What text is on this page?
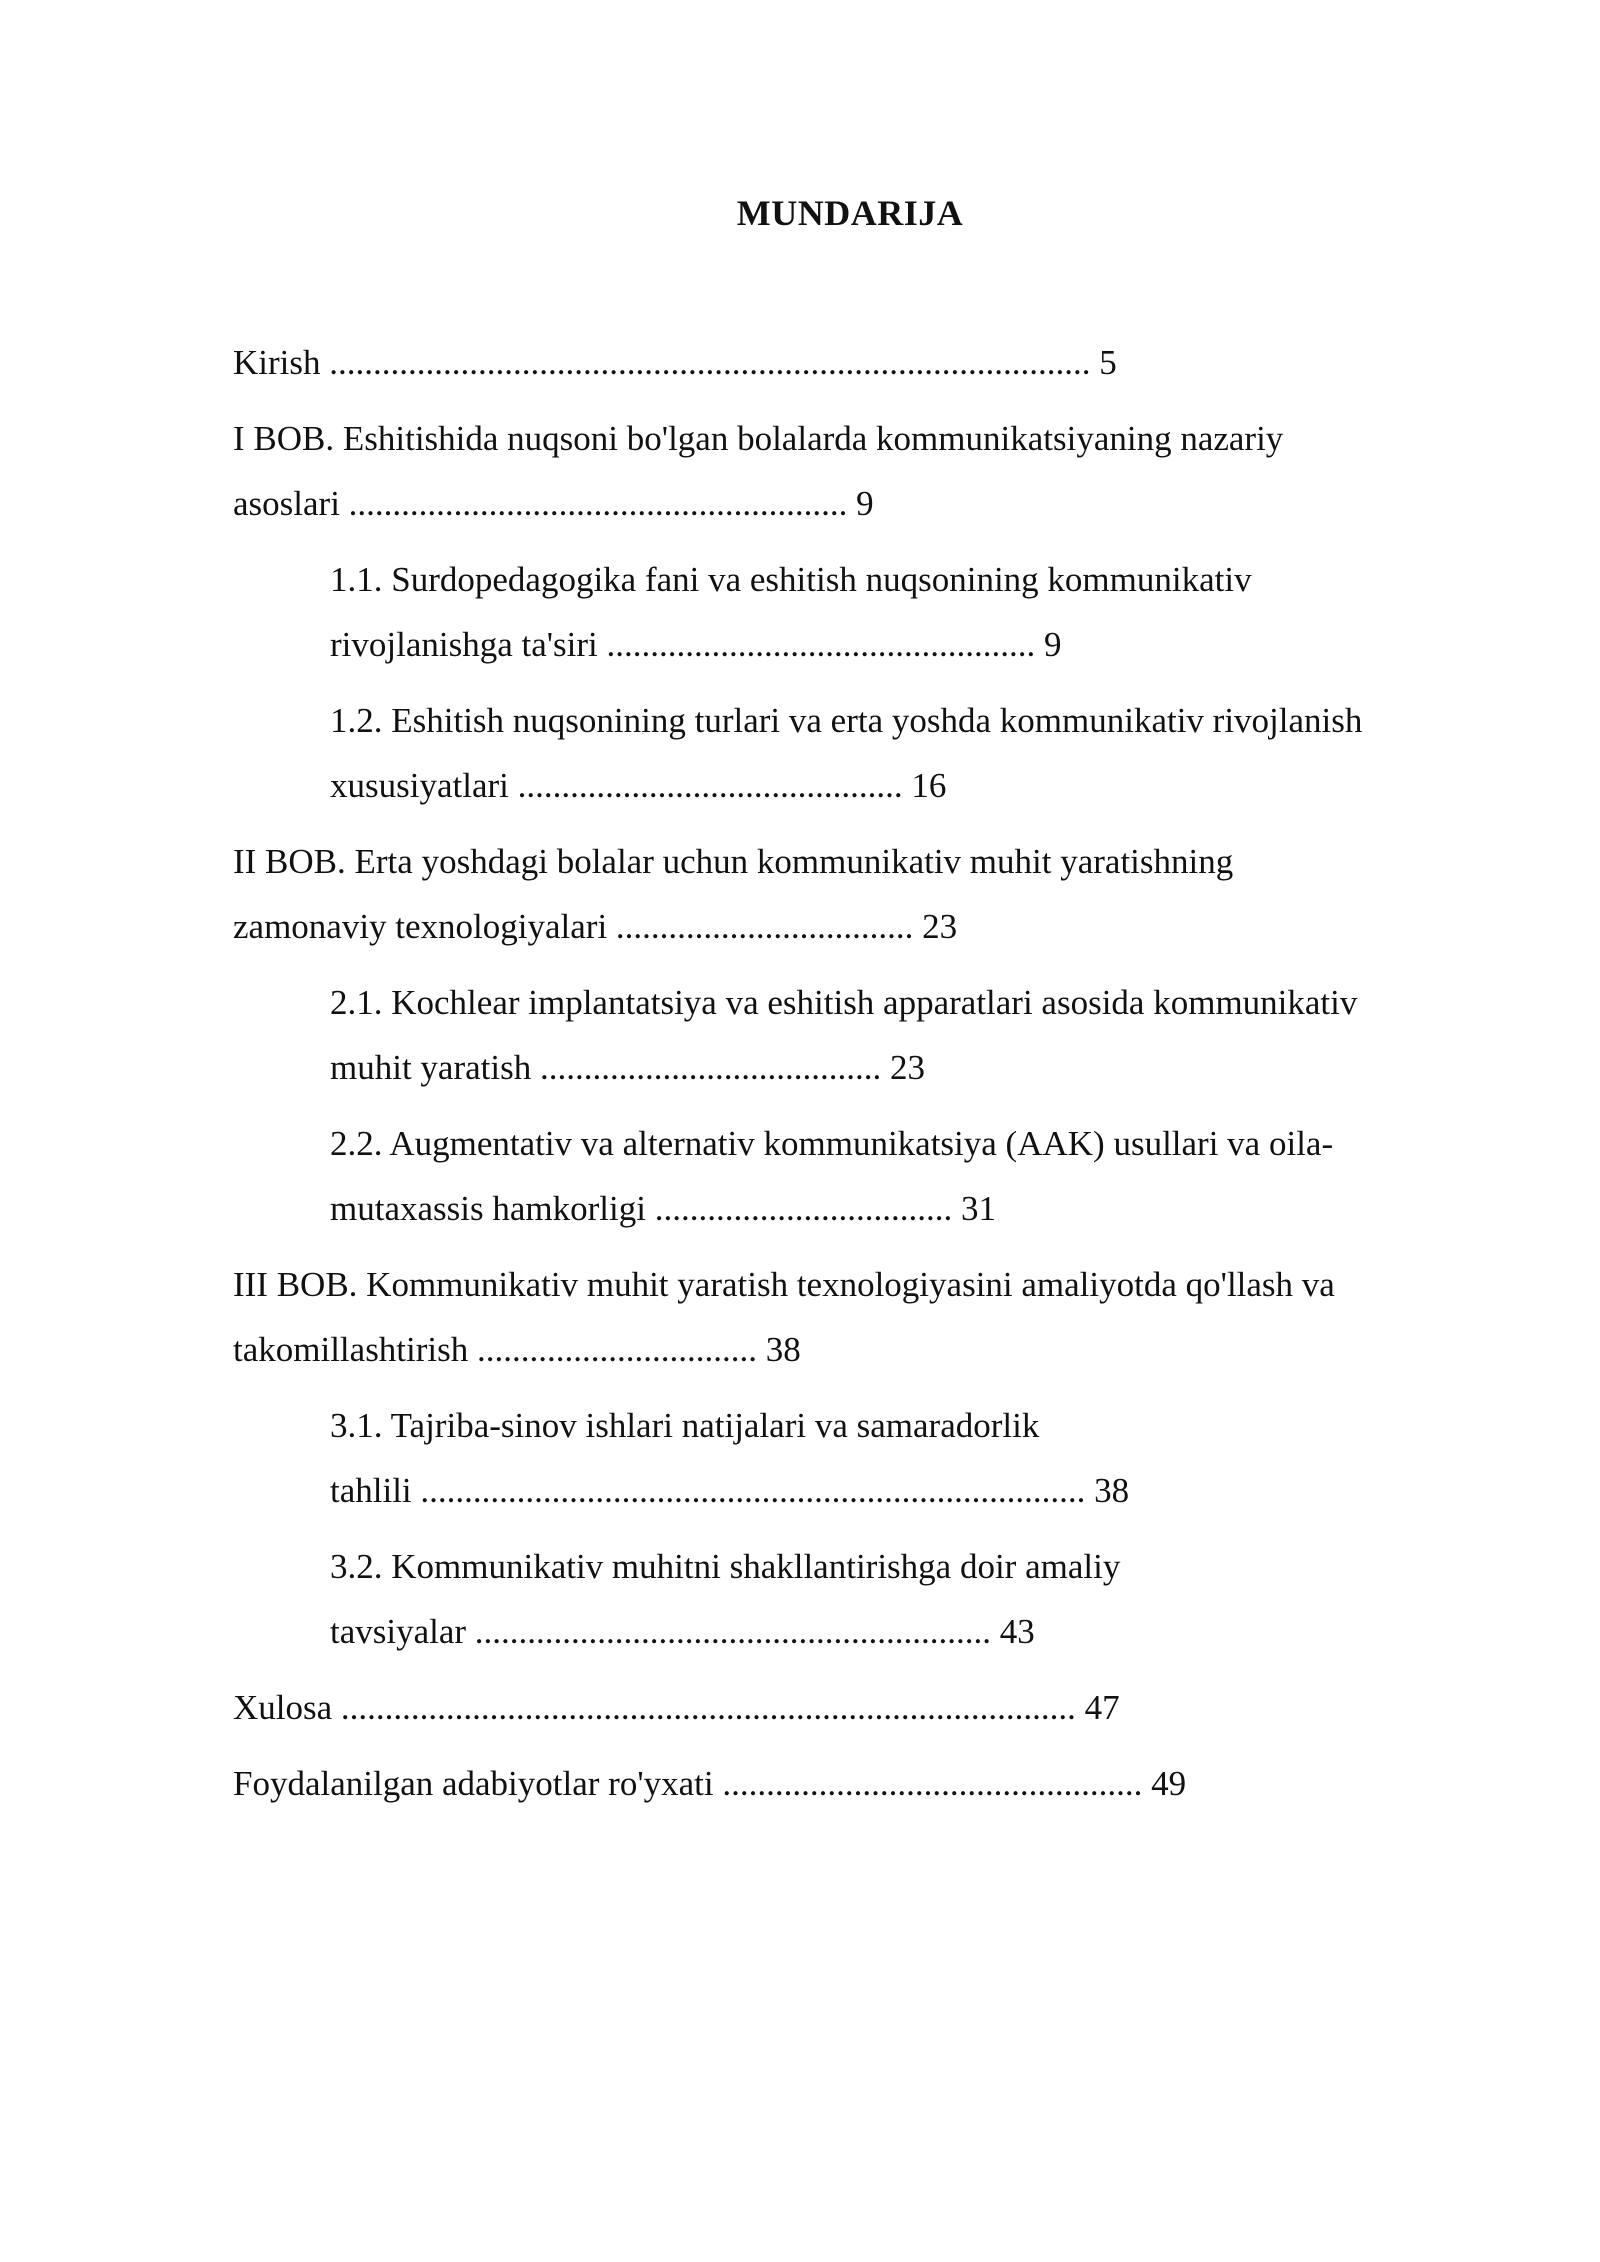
MUNDARIJA
Kirish ....................................................................................... 5
I BOB. Eshitishida nuqsoni bo'lgan bolalarda kommunikatsiyaning nazariy
asoslari ......................................................... 9
1.1. Surdopedagogika fani va eshitish nuqsonining kommunikativ
rivojlanishga ta'siri ................................................. 9
1.2. Eshitish nuqsonining turlari va erta yoshda kommunikativ rivojlanish
xususiyatlari ............................................ 16
II BOB. Erta yoshdagi bolalar uchun kommunikativ muhit yaratishning
zamonaviy texnologiyalari .................................. 23
2.1. Kochlear implantatsiya va eshitish apparatlari asosida kommunikativ
muhit yaratish ....................................... 23
2.2. Augmentativ va alternativ kommunikatsiya (AAK) usullari va oila-
mutaxassis hamkorligi .................................. 31
III BOB. Kommunikativ muhit yaratish texnologiyasini amaliyotda qo'llash va
takomillashtirish ................................ 38
3.1. Tajriba-sinov ishlari natijalari va samaradorlik
tahlili ............................................................................ 38
3.2. Kommunikativ muhitni shakllantirishga doir amaliy
tavsiyalar ........................................................... 43
Xulosa .................................................................................... 47
Foydalanilgan adabiyotlar ro'yxati ................................................ 49
